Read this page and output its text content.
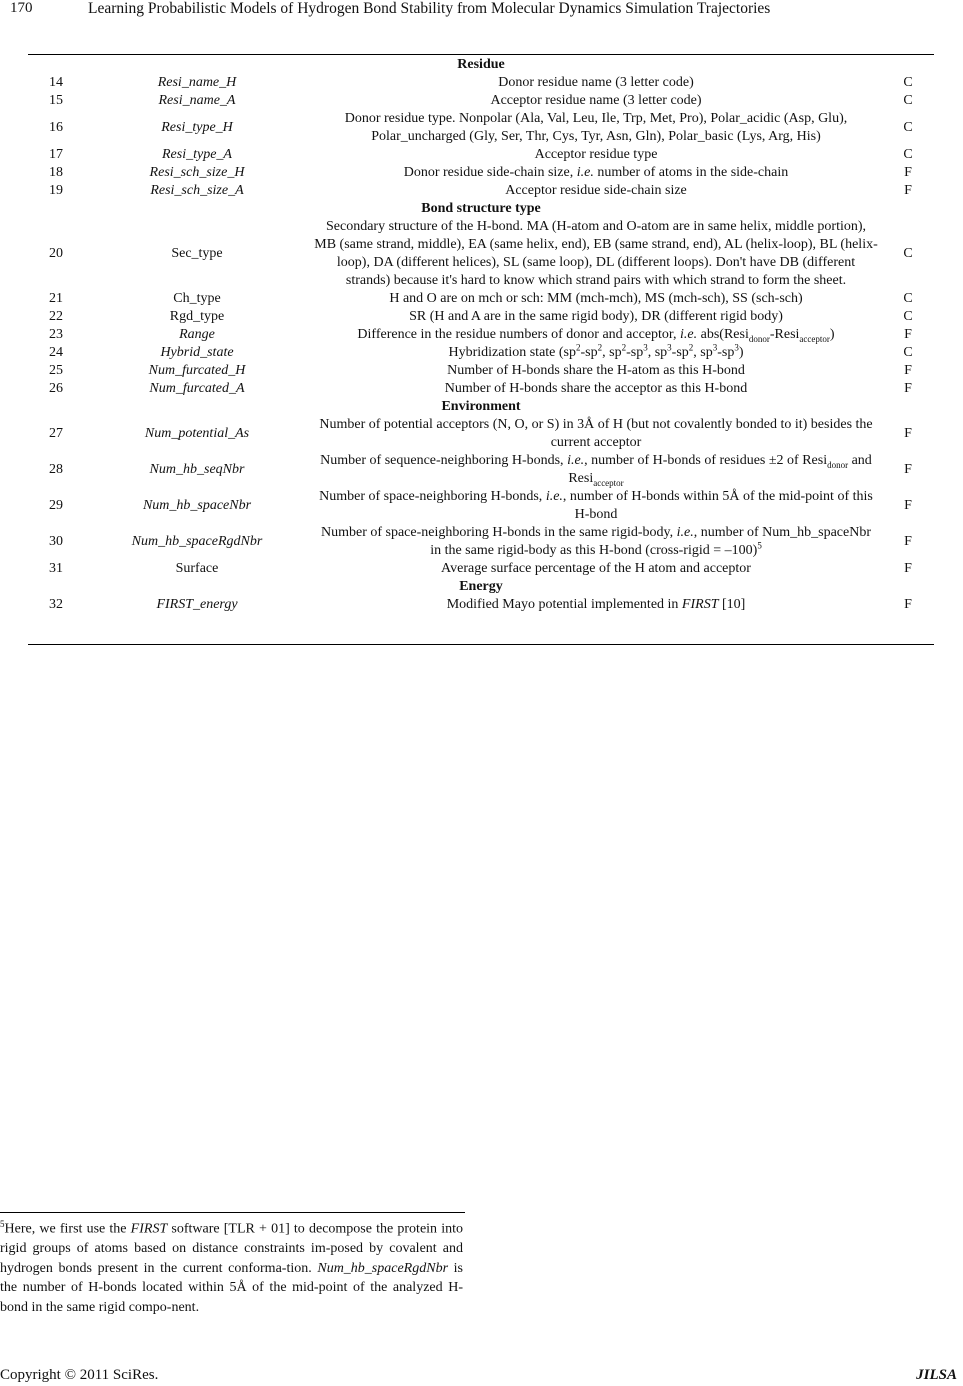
170	Learning Probabilistic Models of Hydrogen Bond Stability from Molecular Dynamics Simulation Trajectories
Residue			
14	Resi_name_H	Donor residue name (3 letter code)	C
15	Resi_name_A	Acceptor residue name (3 letter code)	C
16	Resi_type_H	Donor residue type. Nonpolar (Ala, Val, Leu, Ile, Trp, Met, Pro), Polar_acidic (Asp, Glu), Polar_uncharged (Gly, Ser, Thr, Cys, Tyr, Asn, Gln), Polar_basic (Lys, Arg, His)	C
17	Resi_type_A	Acceptor residue type	C
18	Resi_sch_size_H	Donor residue side-chain size, i.e. number of atoms in the side-chain	F
19	Resi_sch_size_A	Acceptor residue side-chain size	F
Bond structure type			
20	Sec_type	Secondary structure of the H-bond. MA (H-atom and O-atom are in same helix, middle portion), MB (same strand, middle), EA (same helix, end), EB (same strand, end), AL (helix-loop), BL (helix-loop), DA (different helices), SL (same loop), DL (different loops). Don't have DB (different strands) because it's hard to know which strand pairs with which strand to form the sheet.	C
21	Ch_type	H and O are on mch or sch: MM (mch-mch), MS (mch-sch), SS (sch-sch)	C
22	Rgd_type	SR (H and A are in the same rigid body), DR (different rigid body)	C
23	Range	Difference in the residue numbers of donor and acceptor, i.e. abs(Resi$_{donor}$-Resi$_{acceptor}$)	F
24	Hybrid_state	Hybridization state ($sp^2-sp^2$, $sp^2-sp^3$, $sp^3-sp^2$, $sp^3-sp^3$)	C
25	Num_furcated_H	Number of H-bonds share the H-atom as this H-bond	F
26	Num_furcated_A	Number of H-bonds share the acceptor as this H-bond	F
Environment			
27	Num_potential_As	Number of potential acceptors (N, O, or S) in 3Å of H (but not covalently bonded to it) besides the current acceptor	F
28	Num_hb_seqNbr	Number of sequence-neighboring H-bonds, i.e., number of H-bonds of residues ±2 of Resi$_{donor}$ and Resi$_{acceptor}$	F
29	Num_hb_spaceNbr	Number of space-neighboring H-bonds, i.e., number of H-bonds within 5Å of the mid-point of this H-bond	F
30	Num_hb_spaceRgdNbr	Number of space-neighboring H-bonds in the same rigid-body, i.e., number of Num_hb_spaceNbr in the same rigid-body as this H-bond (cross-rigid = –100)$^5$	F
31	Surface	Average surface percentage of the H atom and acceptor	F
Energy			
32	FIRST_energy	Modified Mayo potential implemented in FIRST [10]	F
$^5$Here, we first use the FIRST software [TLR + 01] to decompose the protein into rigid groups of atoms based on distance constraints im-posed by covalent and hydrogen bonds present in the current conforma-tion. Num_hb_spaceRgdNbr is the number of H-bonds located within 5Å of the mid-point of the analyzed H-bond in the same rigid compo-nent.
Copyright © 2011 SciRes.	JILSA
